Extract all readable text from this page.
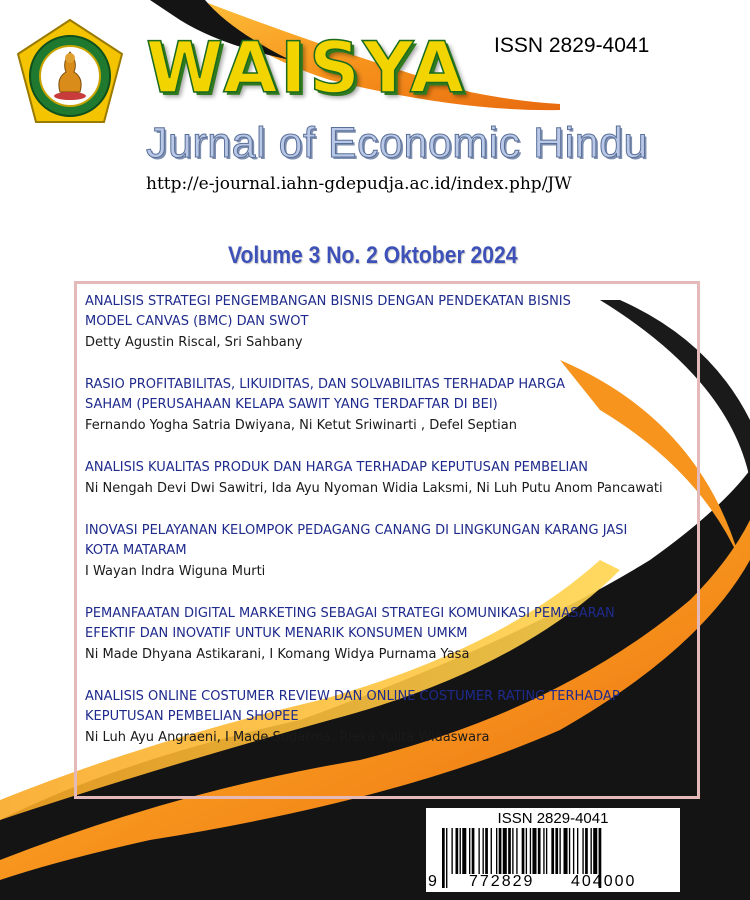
WAISYA ISSN 2829-4041
Jurnal of Economic Hindu
http://e-journal.iahn-gdepudja.ac.id/index.php/JW
Volume 3 No. 2 Oktober 2024
ANALISIS STRATEGI PENGEMBANGAN BISNIS DENGAN PENDEKATAN BISNIS
MODEL CANVAS (BMC) DAN SWOT
Detty Agustin Riscal, Sri Sahbany
RASIO PROFITABILITAS, LIKUIDITAS, DAN SOLVABILITAS TERHADAP HARGA
SAHAM (PERUSAHAAN KELAPA SAWIT YANG TERDAFTAR DI BEI)
Fernando Yogha Satria Dwiyana, Ni Ketut Sriwinarti , Defel Septian
ANALISIS KUALITAS PRODUK DAN HARGA TERHADAP KEPUTUSAN PEMBELIAN
Ni Nengah Devi Dwi Sawitri, Ida Ayu Nyoman Widia Laksmi, Ni Luh Putu Anom Pancawati
INOVASI PELAYANAN KELOMPOK PEDAGANG CANANG DI LINGKUNGAN KARANG JASI
KOTA MATARAM
I Wayan Indra Wiguna Murti
PEMANFAATAN DIGITAL MARKETING SEBAGAI STRATEGI KOMUNIKASI PEMASARAN
EFEKTIF DAN INOVATIF UNTUK MENARIK KONSUMEN UMKM
Ni Made Dhyana Astikarani, I Komang Widya Purnama Yasa
ANALISIS ONLINE COSTUMER REVIEW DAN ONLINE COSTUMER RATING TERHADAP
KEPUTUSAN PEMBELIAN SHOPEE
Ni Luh Ayu Angraeni, I Made Sudarma, Rieka Yulita Widaswara
ISSN 2829-4041
9 772829 404000
